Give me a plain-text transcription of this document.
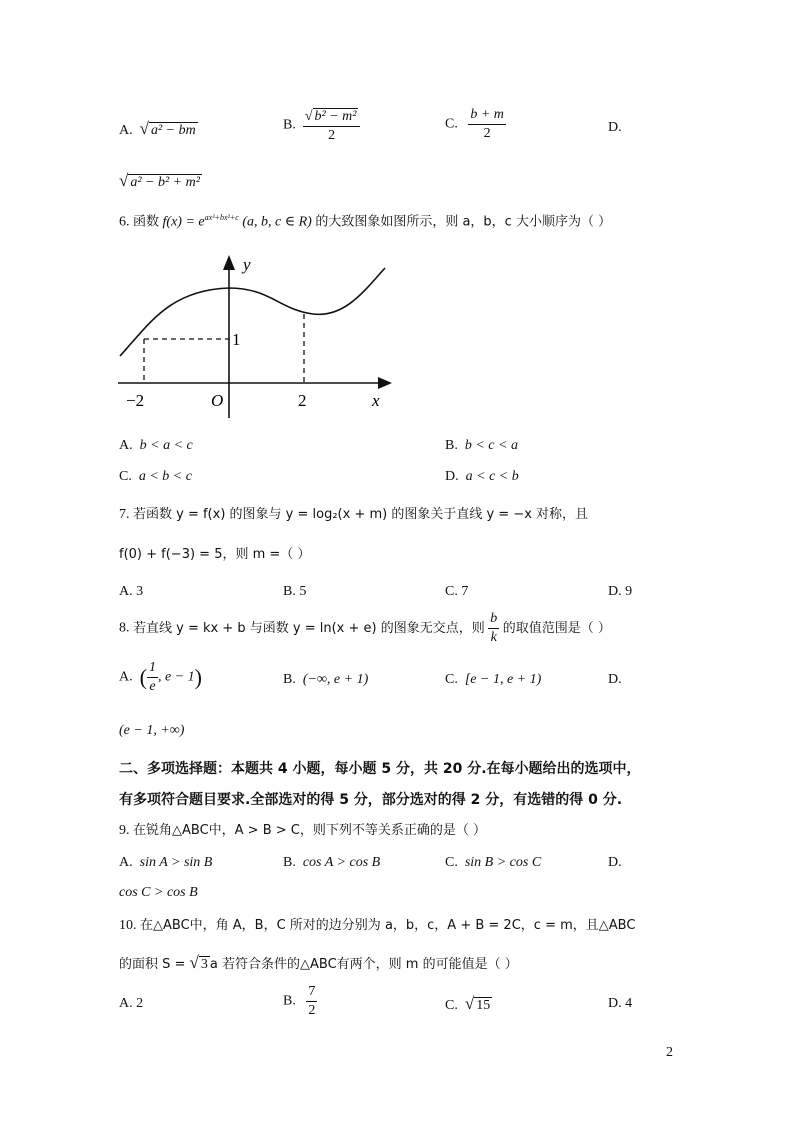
A. √ a² − bm	B. $\frac{\text{√ b² − m²}}{2}$	C. $\frac{b + m}{2}$	D.
√ a² − b² + m²
6. 函数 $f(x) = e^{ax^3+bx^2+c}$ (a, b, c ∈ R) 的大致图象如图所示，则 a，b，c 大小顺序为（ ）
y
1
−2	O	2	x
A. b < a < c	B. b < c < a
C. a < b < c	D. a < c < b
7. 若函数 y = f(x) 的图象与 y = log₂(x + m) 的图象关于直线 y = −x 对称，且
f(0) + f(−3) = 5，则 m =（ ）
A. 3	B. 5	C. 7	D. 9
8. 若直线 y = kx + b 与函数 y = ln(x + e) 的图象无交点，则 $\frac{b}{k}$ 的取值范围是（ ）
A. ( $\frac{1}{e}$ , e − 1)	B. (−∞, e + 1)	C. [e − 1, e + 1)	D.
(e − 1, +∞)
二、多项选择题：本题共 4 小题，每小题 5 分，共 20 分.在每小题给出的选项中，
有多项符合题目要求.全部选对的得 5 分，部分选对的得 2 分，有选错的得 0 分.
9. 在锐角△ABC中，A > B > C，则下列不等关系正确的是（ ）
A. sin A > sin B	B. cos A > cos B	C. sin B > cos C	D.
cos C > cos B
10. 在△ABC中，角 A，B，C 所对的边分别为 a，b，c，A + B = 2C，c = m，且△ABC
的面积 S = √ 3 a 若符合条件的△ABC有两个，则 m 的可能值是（ ）
A. 2	B. $\frac{7}{2}$	C. √ 15	D. 4
2
